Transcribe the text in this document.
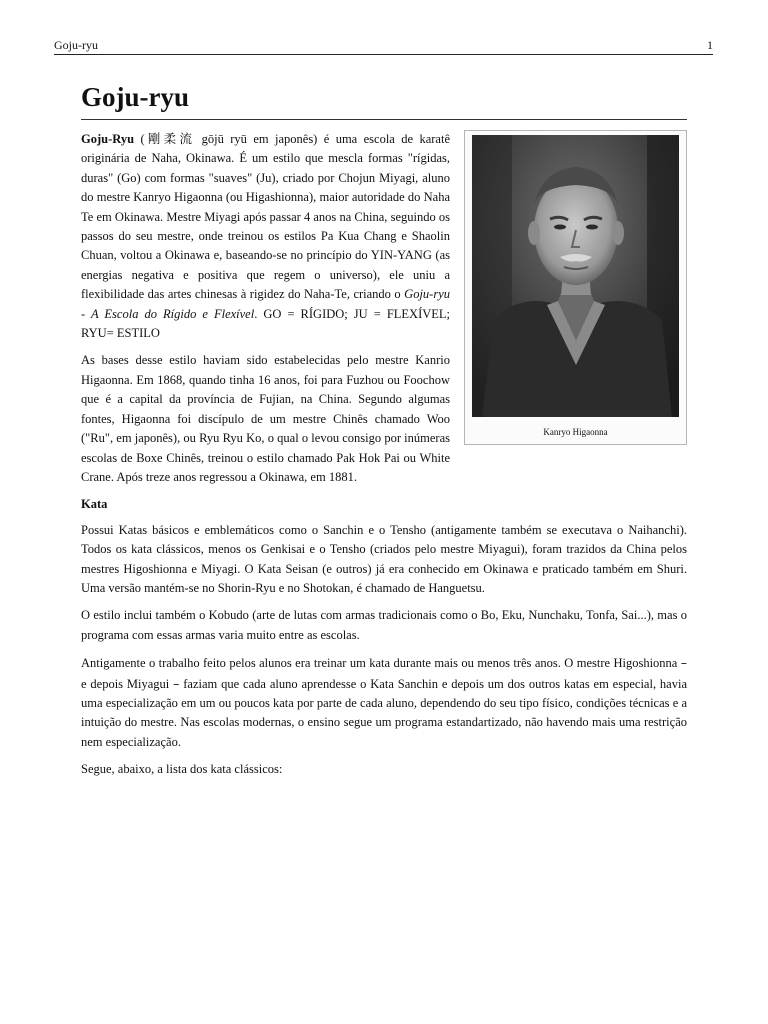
Goju-ryu	1
Goju-ryu
Kanryo Higaonna

Goju-Ryu (剛柔流 gōjū ryū em japonês) é uma escola de karatê originária de Naha, Okinawa. É um estilo que mescla formas "rígidas, duras" (Go) com formas "suaves" (Ju), criado por Chojun Miyagi, aluno do mestre Kanryo Higaonna (ou Higashionna), maior autoridade do Naha Te em Okinawa. Mestre Miyagi após passar 4 anos na China, seguindo os passos do seu mestre, onde treinou os estilos Pa Kua Chang e Shaolin Chuan, voltou a Okinawa e, baseando-se no princípio do YIN-YANG (as energias negativa e positiva que regem o universo), ele uniu a flexibilidade das artes chinesas à rigidez do Naha-Te, criando o Goju-ryu - A Escola do Rígido e Flexível. GO = RÍGIDO; JU = FLEXÍVEL; RYU= ESTILO

As bases desse estilo haviam sido estabelecidas pelo mestre Kanrio Higaonna. Em 1868, quando tinha 16 anos, foi para Fuzhou ou Foochow que é a capital da província de Fujian, na China. Segundo algumas fontes, Higaonna foi discípulo de um mestre Chinês chamado Woo ("Ru", em japonês), ou Ryu Ryu Ko, o qual o levou consigo por inúmeras escolas de Boxe Chinês, treinou o estilo chamado Pak Hok Pai ou White Crane. Após treze anos regressou a Okinawa, em 1881.

Kata

Possui Katas básicos e emblemáticos como o Sanchin e o Tensho (antigamente também se executava o Naihanchi). Todos os kata clássicos, menos os Genkisai e o Tensho (criados pelo mestre Miyagui), foram trazidos da China pelos mestres Higoshionna e Miyagi. O Kata Seisan (e outros) já era conhecido em Okinawa e praticado também em Shuri. Uma versão mantém-se no Shorin-Ryu e no Shotokan, é chamado de Hanguetsu.

O estilo inclui também o Kobudo (arte de lutas com armas tradicionais como o Bo, Eku, Nunchaku, Tonfa, Sai...), mas o programa com essas armas varia muito entre as escolas.

Antigamente o trabalho feito pelos alunos era treinar um kata durante mais ou menos três anos. O mestre Higoshionna – e depois Miyagui – faziam que cada aluno aprendesse o Kata Sanchin e depois um dos outros katas em especial, havia uma especialização em um ou poucos kata por parte de cada aluno, dependendo do seu tipo físico, condições técnicas e a intuição do mestre. Nas escolas modernas, o ensino segue um programa estandartizado, não havendo mais uma restrição nem especialização.

Segue, abaixo, a lista dos kata clássicos:
